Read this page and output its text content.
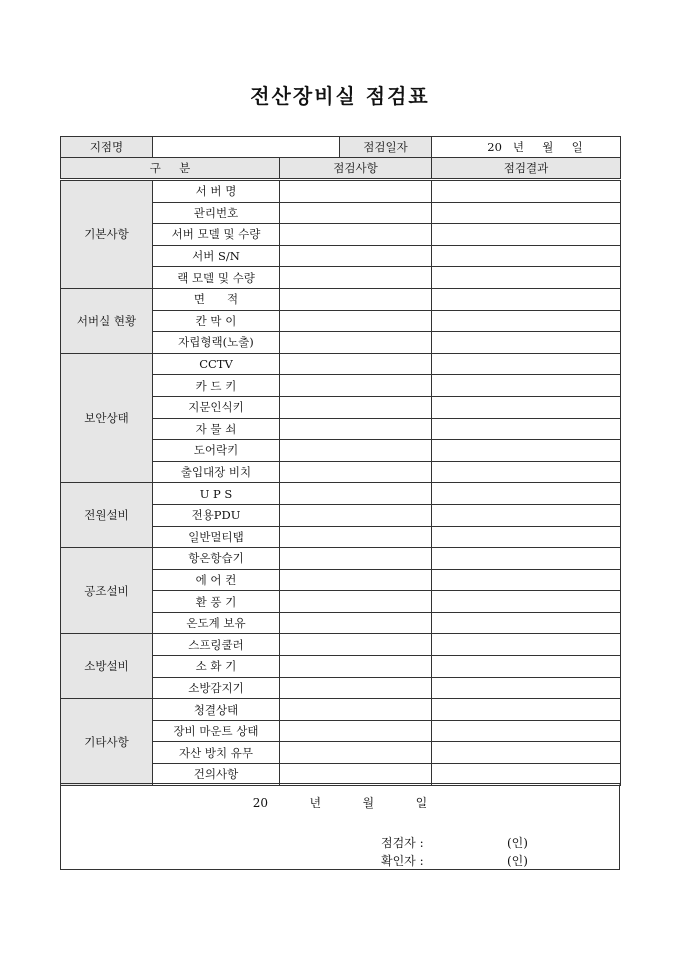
전산장비실 점검표
지점명			점검일자	20   년     월     일
구     분		점검사항		점검결과
기본사항	서 버 명			
	관리번호			
	서버 모델 및 수량			
	서버 S/N			
	랙 모델 및 수량			
서버실 현황	면      적			
	칸 막 이			
	자립형랙(노출)			
보안상태	CCTV			
	카 드 키			
	지문인식키			
	자 물 쇠			
	도어락키			
	출입대장 비치			
전원설비	U P S			
	전용PDU			
	일반멀티탭			
공조설비	항온항습기			
	에 어 컨			
	환 풍 기			
	온도계 보유			
소방설비	스프링쿨러			
	소 화 기			
	소방감지기			
기타사항	청결상태			
	장비 마운트 상태			
	자산 방치 유무			
	건의사항			
20   년   월   일
점검자 :	(인)
확인자 :	(인)
